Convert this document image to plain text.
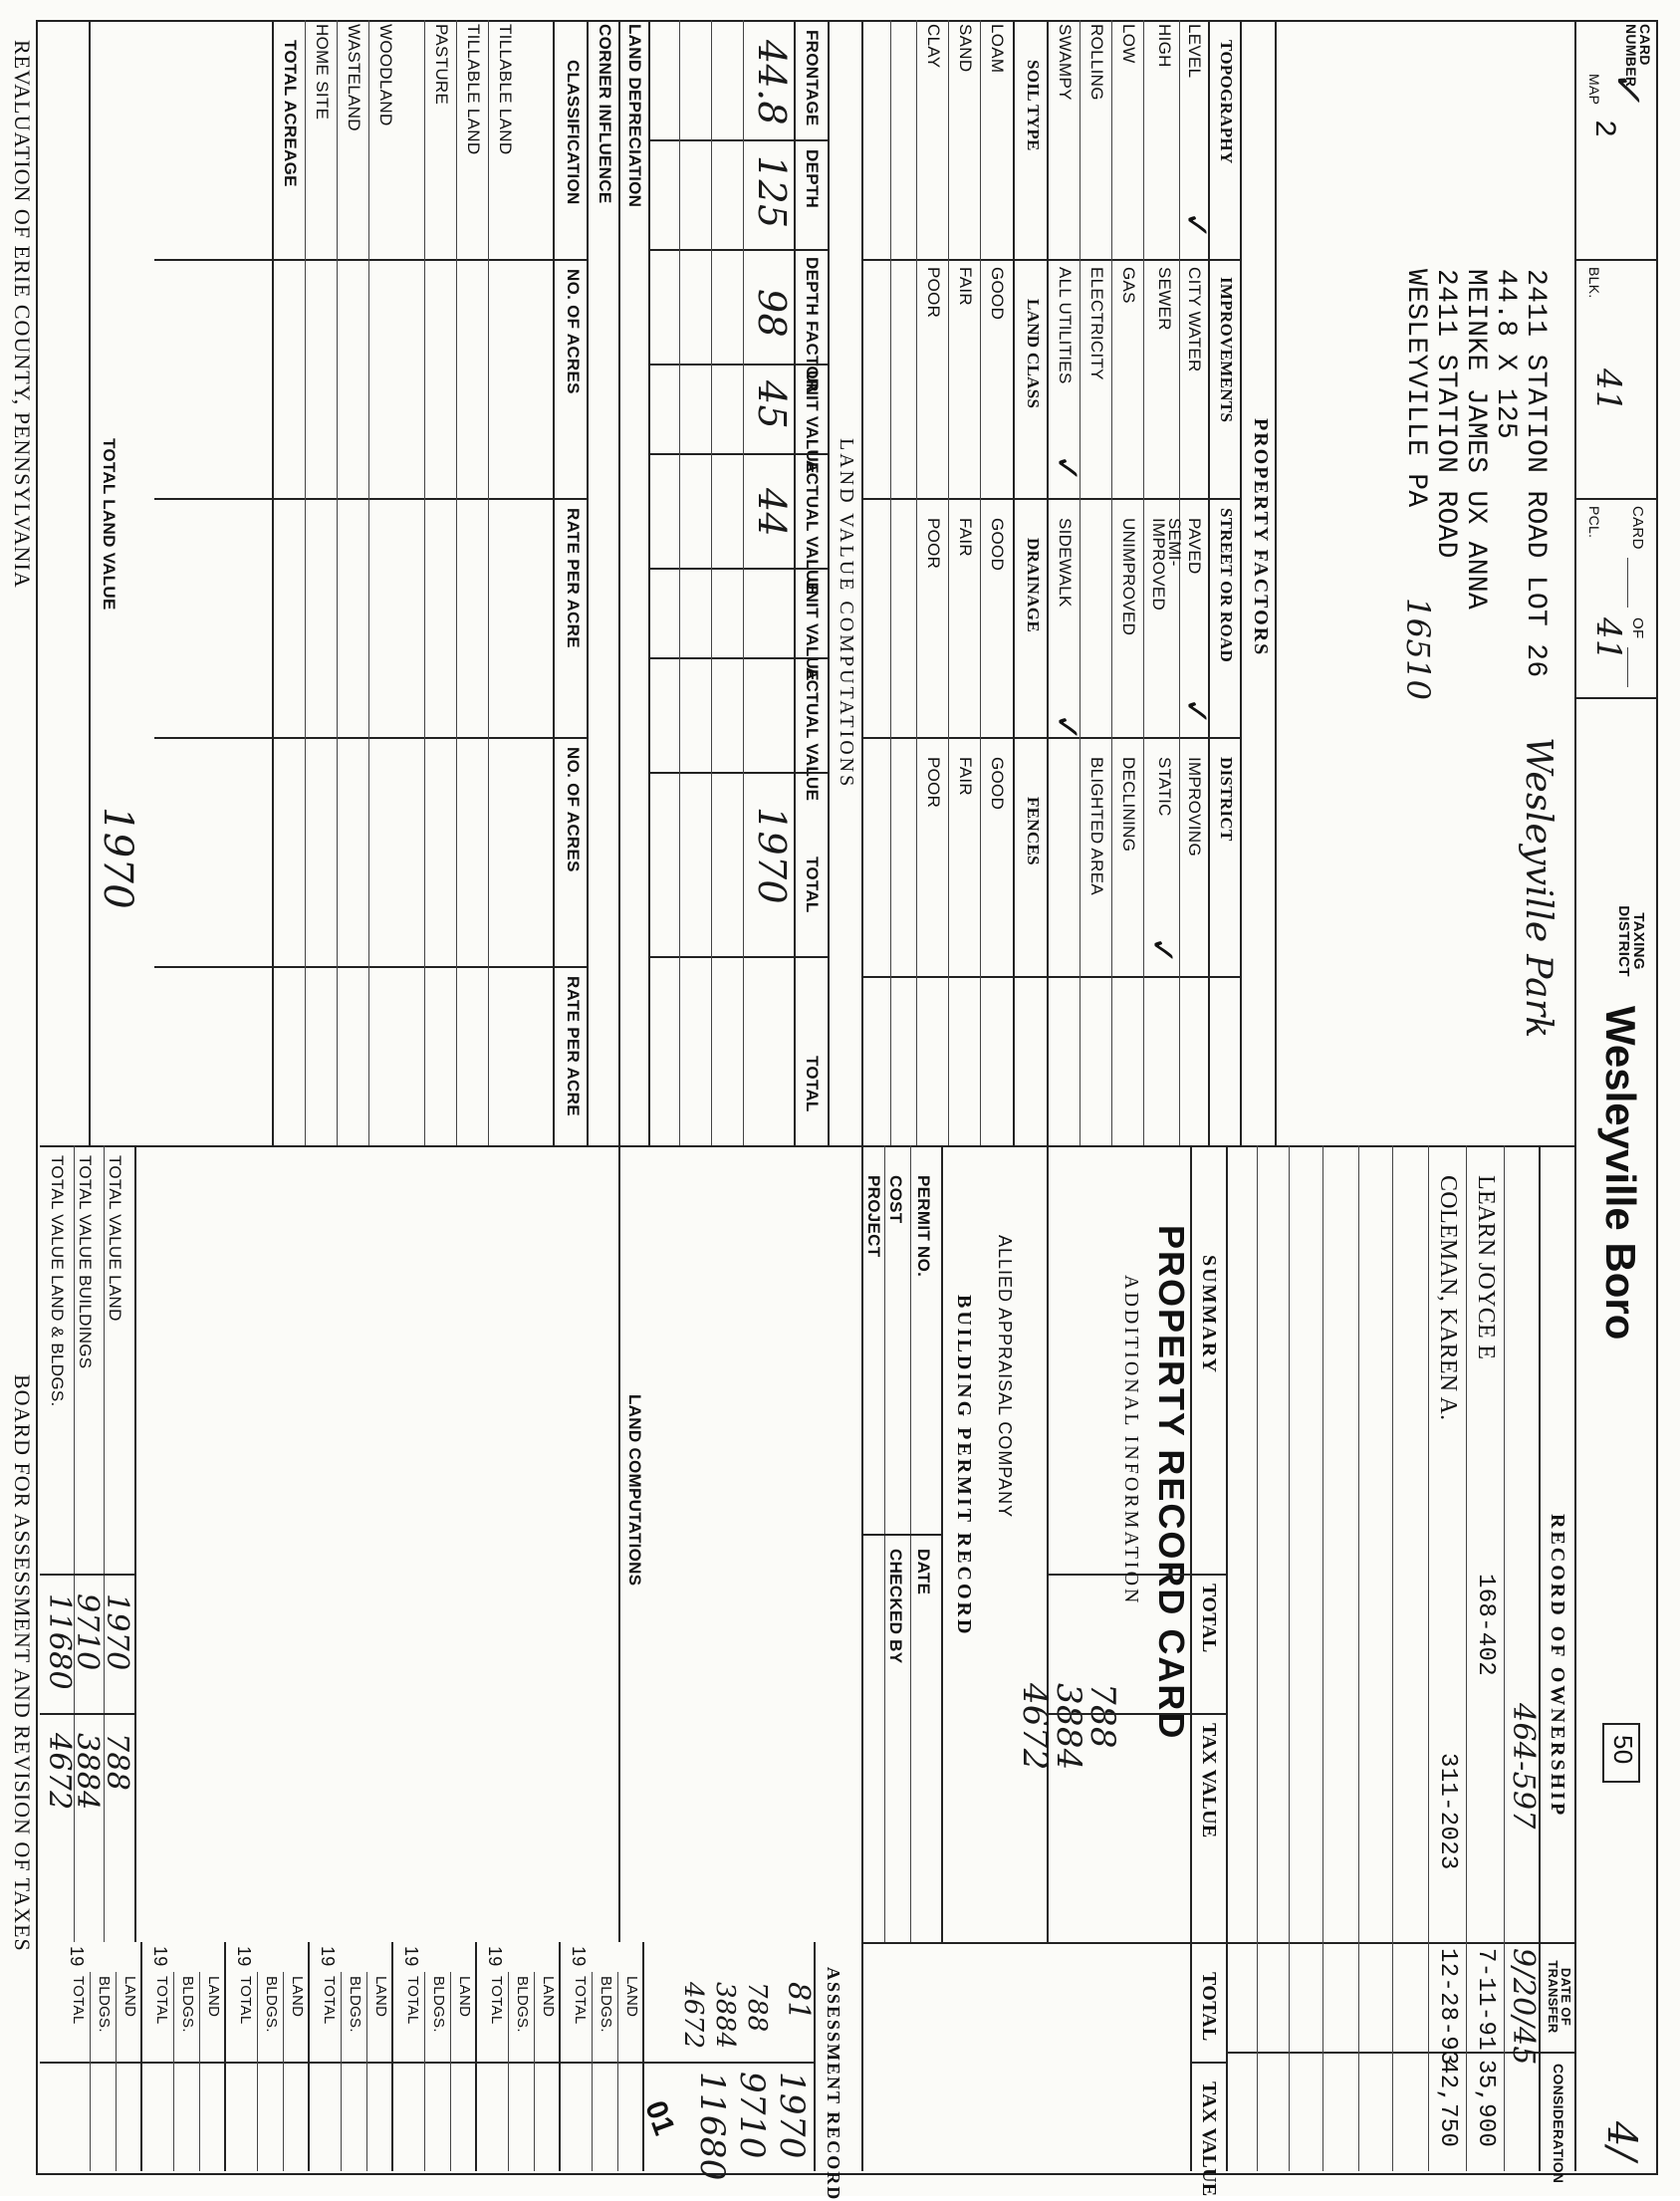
CARD NUMBER
✓
MAP
2
BLK.
41
CARD
OF
PCL.
41
TAXING DISTRICT
Wesleyville Boro
50
4/
2411 STATION ROAD LOT 26
Wesleyville Park
44.8 X 125
MEINKE JAMES UX ANNA
2411 STATION ROAD
WESLEYVILLE PA
16510
PROPERTY FACTORS
TOPOGRAPHY
IMPROVEMENTS
STREET OR ROAD
DISTRICT
LEVEL
CITY WATER
PAVED
IMPROVING
HIGH
SEWER
SEMI-IMPROVED
STATIC
LOW
GAS
UNIMPROVED
DECLINING
ROLLING
ELECTRICITY
BLIGHTED AREA
SWAMPY
ALL UTILITIES
SIDEWALK
✓
✓
✓
✓
✓
SOIL TYPE
LAND CLASS
DRAINAGE
FENCES
LOAM
GOOD
GOOD
GOOD
SAND
FAIR
FAIR
FAIR
CLAY
POOR
POOR
POOR
PERMIT NO.
COST
PROJECT
DATE
CHECKED BY BUILDING PERMIT RECORD ALLIED APPRAISAL COMPANY	PROPERTY RECORD CARD
ADDITIONAL INFORMATION
788
3884
4672	RECORD OF OWNERSHIP
DATE OF TRANSFER
CONSIDERATION
464-597
9/20/45
LEARN JOYCE E
168-402
7-11-91
35,900
COLEMAN, KAREN A.
311-2023
12-28-93
42,750
SUMMARY
TOTAL
TAX VALUE
TOTAL
TAX VALUE
TOTAL VALUE LAND
TOTAL VALUE BUILDINGS
TOTAL VALUE LAND & BLDGS.
1970
9710
11680
788
3884
4672
ASSESSMENT RECORD
81
1970
9710
11680
788
3884
4672
01
19
LAND
BLDGS.
TOTAL
19
LAND
BLDGS.
TOTAL
19
LAND
BLDGS.
TOTAL
19
LAND
BLDGS.
TOTAL
19
LAND
BLDGS.
TOTAL
19
LAND
BLDGS.
TOTAL
19
LAND
BLDGS.
TOTAL
LAND VALUE COMPUTATIONS
FRONTAGE
DEPTH
DEPTH FACTOR
UNIT VALUE
ACTUAL VALUE
UNIT VALUE
ACTUAL VALUE
TOTAL
TOTAL
44.8
125
98
45
44
1970
LAND DEPRECIATION
CORNER INFLUENCE
CLASSIFICATION
NO. OF ACRES
RATE PER ACRE
NO. OF ACRES
RATE PER ACRE
TILLABLE LAND
TILLABLE LAND
PASTURE
WOODLAND
WASTELAND
HOME SITE
TOTAL ACREAGE
TOTAL LAND VALUE
1970
LAND COMPUTATIONS
REVALUATION OF ERIE COUNTY, PENNSYLVANIA
BOARD FOR ASSESSMENT AND REVISION OF TAXES
